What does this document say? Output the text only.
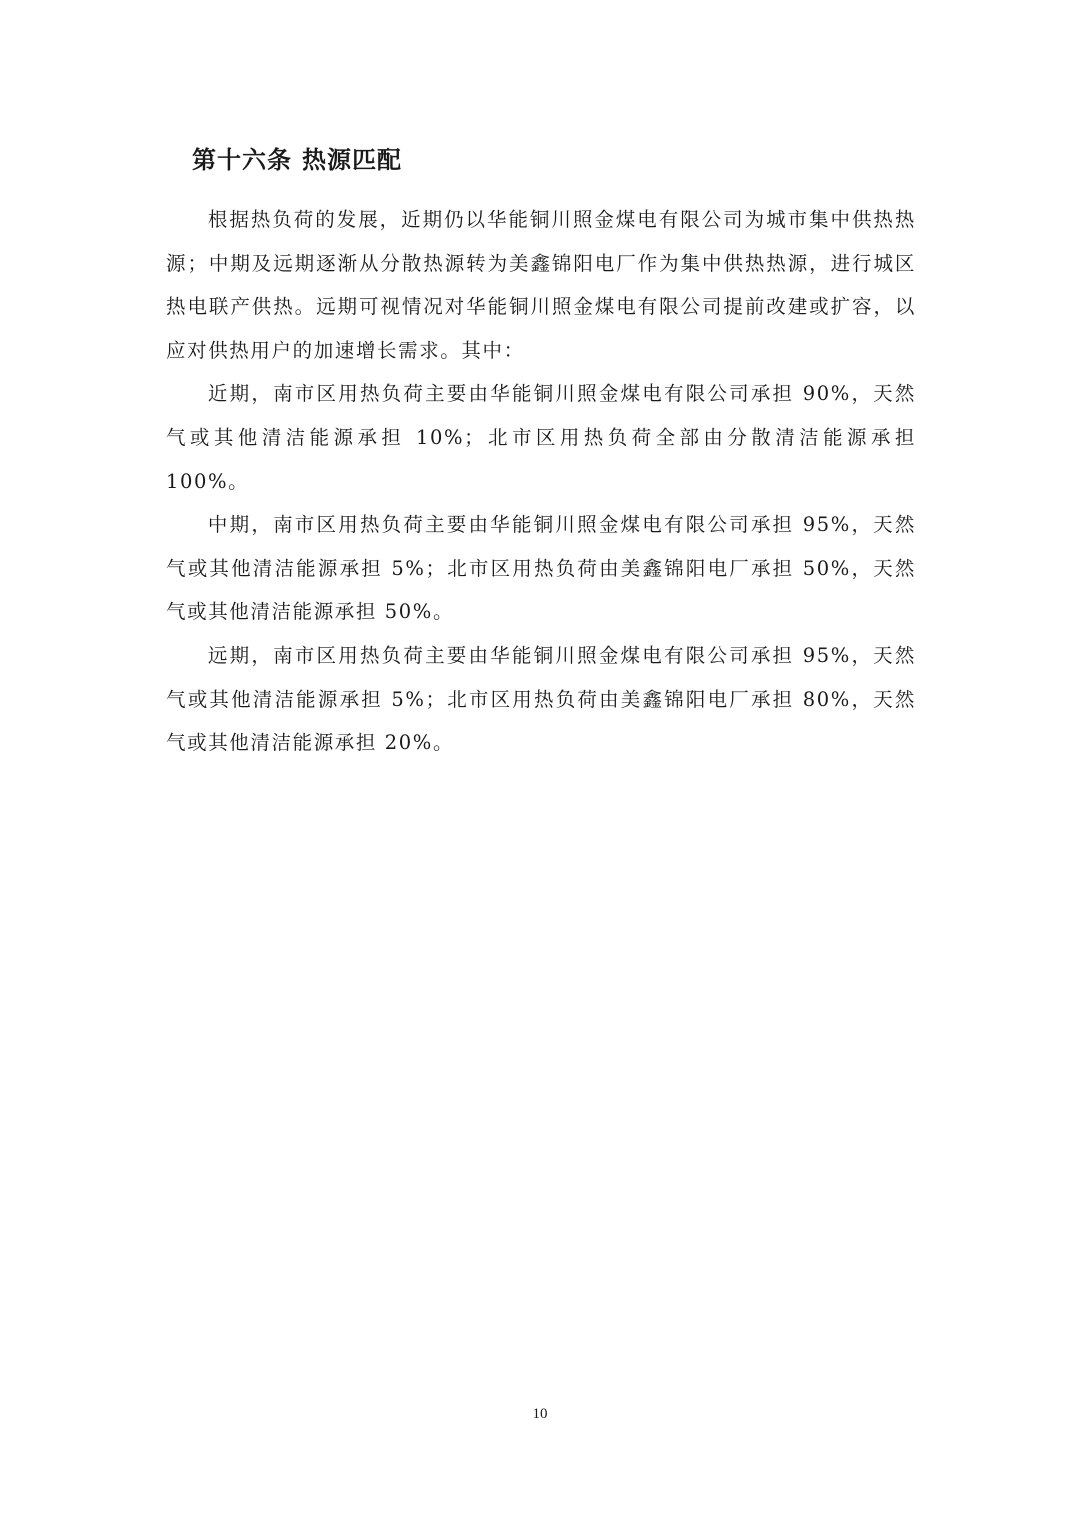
第十六条 热源匹配

根据热负荷的发展，近期仍以华能铜川照金煤电有限公司为城市集中供热热源；中期及远期逐渐从分散热源转为美鑫锦阳电厂作为集中供热热源，进行城区热电联产供热。远期可视情况对华能铜川照金煤电有限公司提前改建或扩容，以应对供热用户的加速增长需求。其中：

近期，南市区用热负荷主要由华能铜川照金煤电有限公司承担 90%，天然气或其他清洁能源承担 10%；北市区用热负荷全部由分散清洁能源承担 100%。

中期，南市区用热负荷主要由华能铜川照金煤电有限公司承担 95%，天然气或其他清洁能源承担 5%；北市区用热负荷由美鑫锦阳电厂承担 50%，天然气或其他清洁能源承担 50%。

远期，南市区用热负荷主要由华能铜川照金煤电有限公司承担 95%，天然气或其他清洁能源承担 5%；北市区用热负荷由美鑫锦阳电厂承担 80%，天然气或其他清洁能源承担 20%。

10
